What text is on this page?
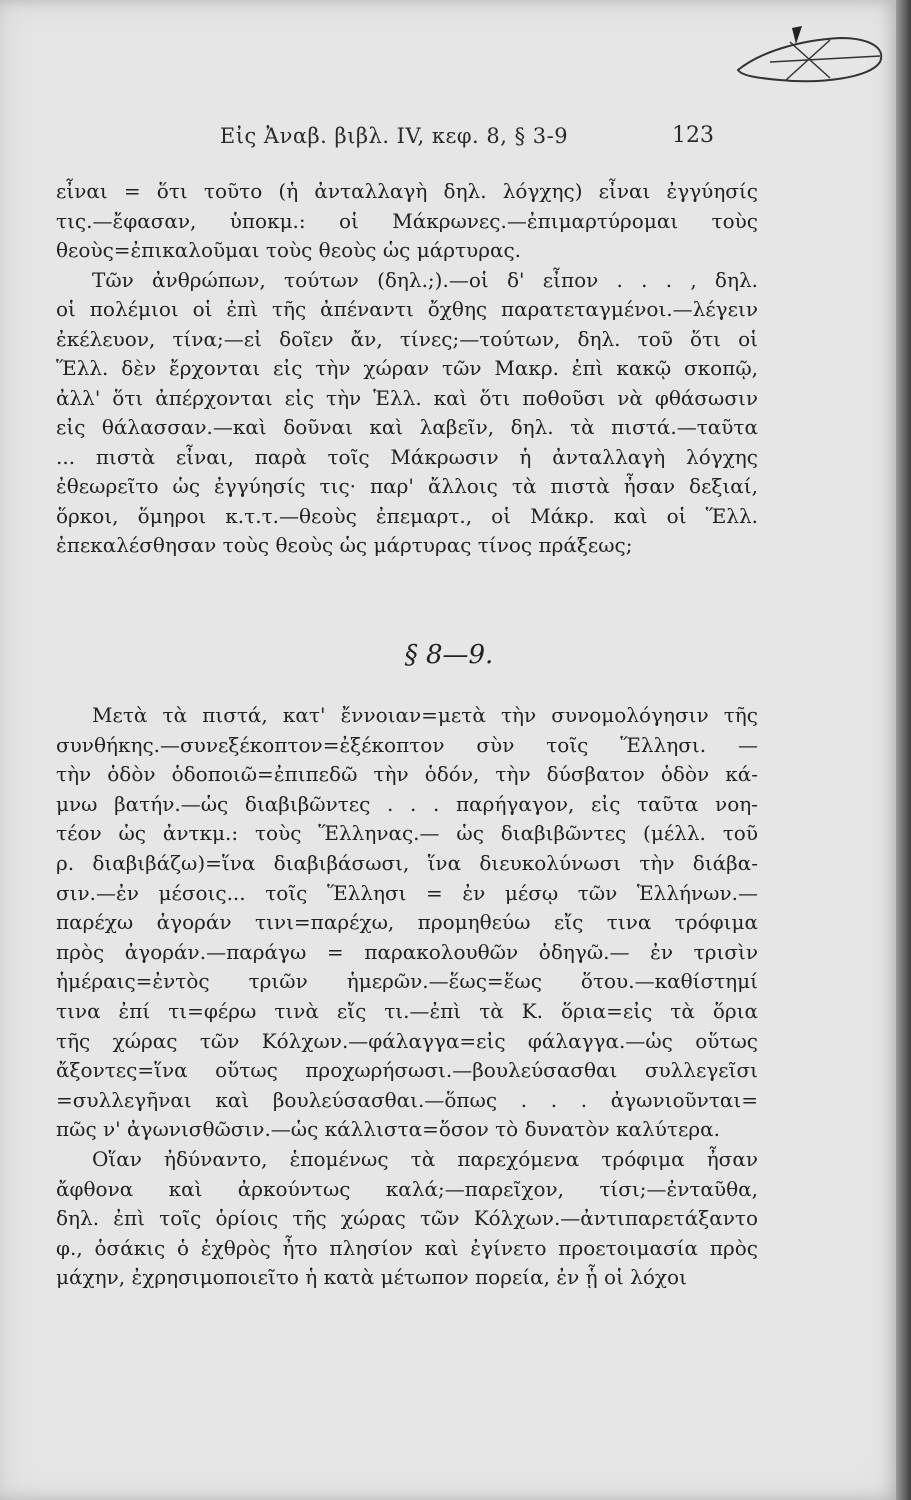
Εἰς Ἀναβ. βιβλ. IV, κεφ. 8, § 3-9	123
εἶναι = ὅτι τοῦτο (ἡ ἀνταλλαγὴ δηλ. λόγχης) εἶναι ἐγγύησίς
τις.—ἔφασαν, ὑποκμ.: οἱ Μάκρωνες.—ἐπιμαρτύρομαι τοὺς
θεοὺς=ἐπικαλοῦμαι τοὺς θεοὺς ὡς μάρτυρας.
Τῶν ἀνθρώπων, τούτων (δηλ.;).—οἱ δ' εἶπον . . . , δηλ.
οἱ πολέμιοι οἱ ἐπὶ τῆς ἀπέναντι ὄχθης παρατεταγμένοι.—λέγειν
ἐκέλευον, τίνα;—εἰ δοῖεν ἄν, τίνες;—τούτων, δηλ. τοῦ ὅτι οἱ
Ἕλλ. δὲν ἔρχονται εἰς τὴν χώραν τῶν Μακρ. ἐπὶ κακῷ σκοπῷ,
ἀλλ' ὅτι ἀπέρχονται εἰς τὴν Ἑλλ. καὶ ὅτι ποθοῦσι νὰ φθάσωσιν
εἰς θάλασσαν.—καὶ δοῦναι καὶ λαβεῖν, δηλ. τὰ πιστά.—ταῦτα
... πιστὰ εἶναι, παρὰ τοῖς Μάκρωσιν ἡ ἀνταλλαγὴ λόγχης
ἐθεωρεῖτο ὡς ἐγγύησίς τις· παρ' ἄλλοις τὰ πιστὰ ἦσαν δεξιαί,
ὅρκοι, ὅμηροι κ.τ.τ.—θεοὺς ἐπεμαρτ., οἱ Μάκρ. καὶ οἱ Ἕλλ.
ἐπεκαλέσθησαν τοὺς θεοὺς ὡς μάρτυρας τίνος πράξεως;
§ 8—9.
Μετὰ τὰ πιστά, κατ' ἔννοιαν=μετὰ τὴν συνομολόγησιν τῆς
συνθήκης.—συνεξέκοπτον=ἐξέκοπτον σὺν τοῖς Ἕλλησι. —
τὴν ὁδὸν ὁδοποιῶ=ἐπιπεδῶ τὴν ὁδόν, τὴν δύσβατον ὁδὸν κά-
μνω βατήν.—ὡς διαβιβῶντες . . . παρήγαγον, εἰς ταῦτα νοη-
τέον ὡς ἀντκμ.: τοὺς Ἕλληνας.— ὡς διαβιβῶντες (μέλλ. τοῦ
ρ. διαβιβάζω)=ἵνα διαβιβάσωσι, ἵνα διευκολύνωσι τὴν διάβα-
σιν.—ἐν μέσοις... τοῖς Ἕλλησι = ἐν μέσῳ τῶν Ἑλλήνων.—
παρέχω ἀγοράν τινι=παρέχω, προμηθεύω εἴς τινα τρόφιμα
πρὸς ἀγοράν.—παράγω = παρακολουθῶν ὁδηγῶ.— ἐν τρισὶν
ἡμέραις=ἐντὸς τριῶν ἡμερῶν.—ἕως=ἕως ὅτου.—καθίστημί
τινα ἐπί τι=φέρω τινὰ εἴς τι.—ἐπὶ τὰ Κ. ὅρια=εἰς τὰ ὅρια
τῆς χώρας τῶν Κόλχων.—φάλαγγα=εἰς φάλαγγα.—ὡς οὕτως
ἄξοντες=ἵνα οὕτως προχωρήσωσι.—βουλεύσασθαι συλλεγεῖσι
=συλλεγῆναι καὶ βουλεύσασθαι.—ὅπως . . . ἀγωνιοῦνται=
πῶς ν' ἀγωνισθῶσιν.—ὡς κάλλιστα=ὅσον τὸ δυνατὸν καλύτερα.
Οἵαν ἠδύναντο, ἑπομένως τὰ παρεχόμενα τρόφιμα ἦσαν
ἄφθονα καὶ ἀρκούντως καλά;—παρεῖχον, τίσι;—ἐνταῦθα,
δηλ. ἐπὶ τοῖς ὁρίοις τῆς χώρας τῶν Κόλχων.—ἀντιπαρετάξαντο
φ., ὁσάκις ὁ ἐχθρὸς ἦτο πλησίον καὶ ἐγίνετο προετοιμασία πρὸς
μάχην, ἐχρησιμοποιεῖτο ἡ κατὰ μέτωπον πορεία, ἐν ᾗ οἱ λόχοι
